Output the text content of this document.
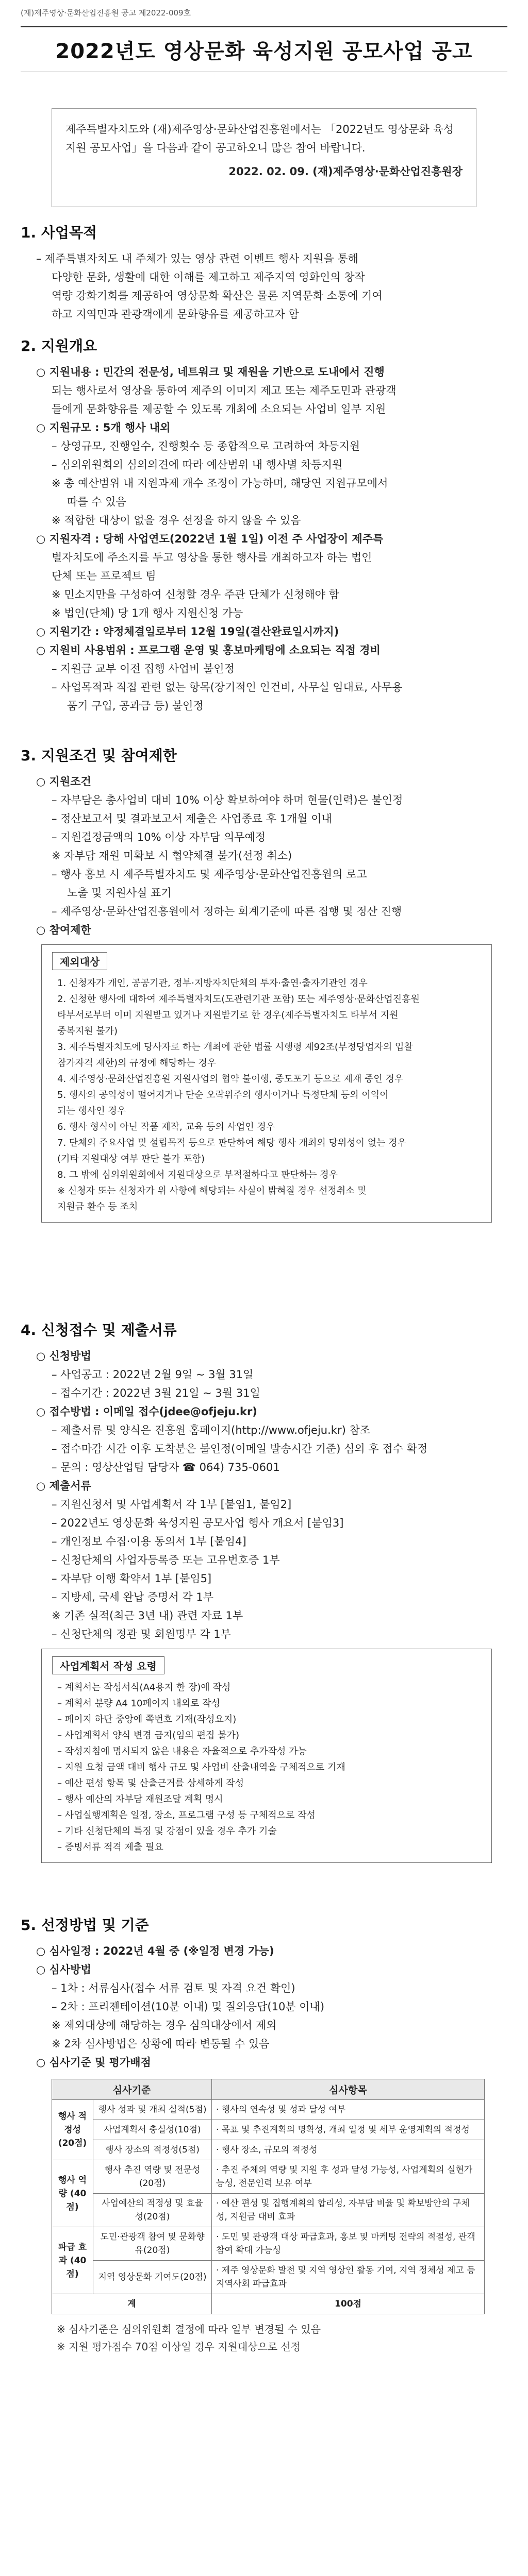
(재)제주영상·문화산업진흥원 공고 제2022-009호
2022년도 영상문화 육성지원 공모사업 공고
제주특별자치도와 (재)제주영상·문화산업진흥원에서는 「2022년도 영상문화 육성지원 공모사업」을 다음과 같이 공고하오니 많은 참여 바랍니다.
2022. 02. 09. (재)제주영상·문화산업진흥원장
1. 사업목적
– 제주특별자치도 내 주체가 있는 영상 관련 이벤트 행사 지원을 통해
다양한 문화, 생활에 대한 이해를 제고하고 제주지역 영화인의 창작
역량 강화기회를 제공하여 영상문화 확산은 물론 지역문화 소통에 기여
하고 지역민과 관광객에게 문화향유를 제공하고자 함
2. 지원개요
○ 지원내용 : 민간의 전문성, 네트워크 및 재원을 기반으로 도내에서 진행
되는 행사로서 영상을 통하여 제주의 이미지 제고 또는 제주도민과 관광객
들에게 문화향유를 제공할 수 있도록 개최에 소요되는 사업비 일부 지원
○ 지원규모 : 5개 행사 내외
– 상영규모, 진행일수, 진행횟수 등 종합적으로 고려하여 차등지원
– 심의위원회의 심의의견에 따라 예산범위 내 행사별 차등지원
※ 총 예산범위 내 지원과제 개수 조정이 가능하며, 해당연 지원규모에서
따를 수 있음
※ 적합한 대상이 없을 경우 선정을 하지 않을 수 있음
○ 지원자격 : 당해 사업연도(2022년 1월 1일) 이전 주 사업장이 제주특
별자치도에 주소지를 두고 영상을 통한 행사를 개최하고자 하는 법인
단체 또는 프로젝트 팀
※ 민소지만을 구성하여 신청할 경우 주관 단체가 신청해야 함
※ 법인(단체) 당 1개 행사 지원신청 가능
○ 지원기간 : 약정체결일로부터 12월 19일(결산완료일시까지)
○ 지원비 사용범위 : 프로그램 운영 및 홍보마케팅에 소요되는 직접 경비
– 지원금 교부 이전 집행 사업비 불인정
– 사업목적과 직접 관련 없는 항목(장기적인 인건비, 사무실 임대료, 사무용
품기 구입, 공과금 등) 불인정
3. 지원조건 및 참여제한
○ 지원조건
– 자부담은 총사업비 대비 10% 이상 확보하여야 하며 현물(인력)은 불인정
– 정산보고서 및 결과보고서 제출은 사업종료 후 1개월 이내
– 지원결정금액의 10% 이상 자부담 의무예정
※ 자부담 재원 미확보 시 협약체결 불가(선정 취소)
– 행사 홍보 시 제주특별자치도 및 제주영상·문화산업진흥원의 로고
노출 및 지원사실 표기
– 제주영상·문화산업진흥원에서 정하는 회계기준에 따른 집행 및 정산 진행
○ 참여제한
제외대상
1. 신청자가 개인, 공공기관, 정부·지방자치단체의 투자·출연·출자기관인 경우
2. 신청한 행사에 대하여 제주특별자치도(도관련기관 포함) 또는 제주영상·문화산업진흥원
타부서로부터 이미 지원받고 있거나 지원받기로 한 경우(제주특별자치도 타부서 지원
중복지원 불가)
3. 제주특별자치도에 당사자로 하는 개최에 관한 법률 시행령 제92조(부정당업자의 입찰
참가자격 제한)의 규정에 해당하는 경우
4. 제주영상·문화산업진흥원 지원사업의 협약 불이행, 중도포기 등으로 제재 중인 경우
5. 행사의 공익성이 떨어지거나 단순 오락위주의 행사이거나 특정단체 등의 이익이
되는 행사인 경우
6. 행사 형식이 아닌 작품 제작, 교육 등의 사업인 경우
7. 단체의 주요사업 및 설립목적 등으로 판단하여 해당 행사 개최의 당위성이 없는 경우
(기타 지원대상 여부 판단 불가 포함)
8. 그 밖에 심의위원회에서 지원대상으로 부적절하다고 판단하는 경우
※ 신청자 또는 신청자가 위 사항에 해당되는 사실이 밝혀질 경우 선정취소 및
지원금 환수 등 조치
4. 신청접수 및 제출서류
○ 신청방법
– 사업공고 : 2022년 2월 9일 ~ 3월 31일
– 접수기간 : 2022년 3월 21일 ~ 3월 31일
○ 접수방법 : 이메일 접수(jdee@ofjeju.kr)
– 제출서류 및 양식은 진흥원 홈페이지(http://www.ofjeju.kr) 참조
– 접수마감 시간 이후 도착분은 불인정(이메일 발송시간 기준) 심의 후 접수 확정
– 문의 : 영상산업팀 담당자 ☎ 064) 735-0601
○ 제출서류
– 지원신청서 및 사업계획서 각 1부 [붙임1, 붙임2]
– 2022년도 영상문화 육성지원 공모사업 행사 개요서 [붙임3]
– 개인정보 수집·이용 동의서 1부 [붙임4]
– 신청단체의 사업자등록증 또는 고유번호증 1부
– 자부담 이행 확약서 1부 [붙임5]
– 지방세, 국세 완납 증명서 각 1부
※ 기존 실적(최근 3년 내) 관련 자료 1부
– 신청단체의 정관 및 회원명부 각 1부
사업계획서 작성 요령
– 계획서는 작성서식(A4용지 한 장)에 작성
– 계획서 분량 A4 10페이지 내외로 작성
– 페이지 하단 중앙에 쪽번호 기재(작성요지)
– 사업계획서 양식 변경 금지(임의 편집 불가)
– 작성지침에 명시되지 않은 내용은 자율적으로 추가작성 가능
– 지원 요청 금액 대비 행사 규모 및 사업비 산출내역을 구체적으로 기재
– 예산 편성 항목 및 산출근거를 상세하게 작성
– 행사 예산의 자부담 재원조달 계획 명시
– 사업실행계획은 일정, 장소, 프로그램 구성 등 구체적으로 작성
– 기타 신청단체의 특징 및 강점이 있을 경우 추가 기술
– 증빙서류 적격 제출 필요
5. 선정방법 및 기준
○ 심사일정 : 2022년 4월 중 (※일정 변경 가능)
○ 심사방법
– 1차 : 서류심사(접수 서류 검토 및 자격 요건 확인)
– 2차 : 프리젠테이션(10분 이내) 및 질의응답(10분 이내)
※ 제외대상에 해당하는 경우 심의대상에서 제외
※ 2차 심사방법은 상황에 따라 변동될 수 있음
○ 심사기준 및 평가배점
심사기준		심사항목
행사 적정성 (20점)	행사 성과 및 개최 실적(5점)	· 행사의 연속성 및 성과 달성 여부
	사업계획서 충실성(10점)	· 목표 및 추진계획의 명확성, 개최 일정 및 세부 운영계획의 적정성
	행사 장소의 적정성(5점)	· 행사 장소, 규모의 적정성
행사 역량 (40점)	행사 추진 역량 및 전문성(20점)	· 추진 주체의 역량 및 지원 후 성과 달성 가능성, 사업계획의 실현가능성, 전문인력 보유 여부
	사업예산의 적정성 및 효율성(20점)	· 예산 편성 및 집행계획의 합리성, 자부담 비율 및 확보방안의 구체성, 지원금 대비 효과
파급 효과 (40점)	도민·관광객 참여 및 문화향유(20점)	· 도민 및 관광객 대상 파급효과, 홍보 및 마케팅 전략의 적절성, 관객 참여 확대 가능성
	지역 영상문화 기여도(20점)	· 제주 영상문화 발전 및 지역 영상인 활동 기여, 지역 정체성 제고 등 지역사회 파급효과
계		100점
※ 심사기준은 심의위원회 결정에 따라 일부 변경될 수 있음
※ 지원 평가점수 70점 이상일 경우 지원대상으로 선정
